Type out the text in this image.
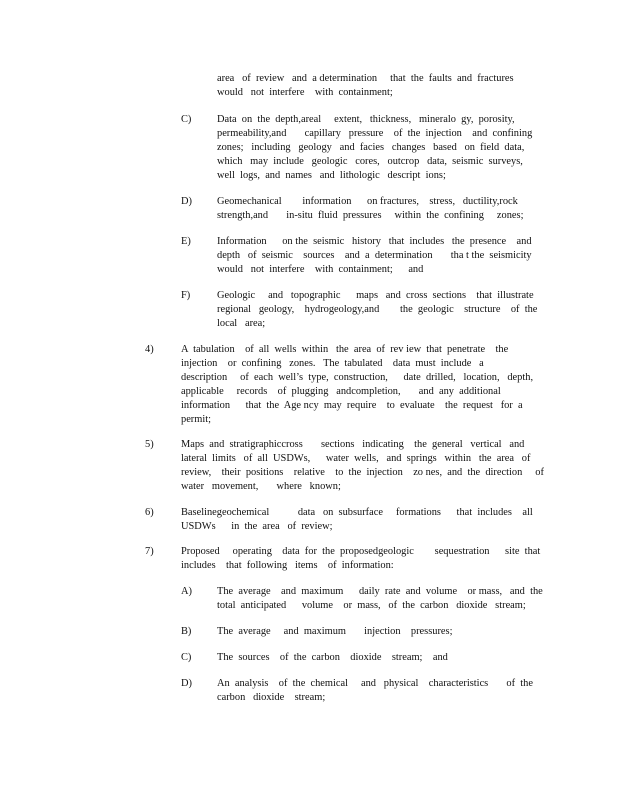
area   of  review   and  a determination     that  the  faults  and  fractures
would   not  interfere    with  containment;
C) Data  on  the  depth,areal     extent,   thickness,   mineralo  gy,  porosity,
permeability,and       capillary   pressure    of  the  injection    and  confining
zones;   including   geology   and  facies   changes   based   on  field  data,
which   may  include   geologic   cores,   outcrop   data,  seismic  surveys,
well  logs,  and  names   and  lithologic   descript  ions;
D) Geomechanical        information      on fractures,    stress,   ductility,rock
strength,and       in-situ  fluid  pressures     within  the  confining     zones;
E)	Information      on the  seismic   history   that  includes   the  presence    and
depth   of  seismic    sources    and  a  determination       tha t the  seismicity
would   not  interfere    with  containment;      and
F)	Geologic     and   topographic      maps   and  cross  sections    that  illustrate
regional   geology,    hydrogeology,and        the  geologic    structure    of  the
local   area;
4)	A  tabulation    of  all  wells  within   the  area  of  rev iew  that  penetrate    the
injection    or  confining   zones.   The  tabulated    data  must  include   a
description     of  each  well’s  type,  construction,      date  drilled,   location,   depth,
applicable     records    of  plugging   andcompletion,       and  any  additional
information      that  the  Age ncy  may  require    to  evaluate    the  request   for  a
permit;
5)	Maps  and  stratigraphiccross       sections   indicating    the  general   vertical   and
lateral  limits   of  all  USDWs,      water  wells,   and  springs   within   the  area   of
review,    their  positions    relative    to  the  injection    zo nes,  and  the  direction     of
water   movement,       where   known;
6)	Baselinegeochemical           data   on  subsurface     formations      that  includes    all
USDWs      in  the  area   of  review;
7)	Proposed     operating    data  for  the  proposedgeologic        sequestration      site  that
includes    that  following   items    of  information:
A) The  average    and  maximum      daily  rate  and  volume    or mass,   and  the
total  anticipated      volume    or  mass,   of  the  carbon   dioxide   stream;
B) The  average     and  maximum       injection    pressures;
C) The  sources    of  the  carbon    dioxide    stream;    and
D) An  analysis    of  the  chemical     and   physical    characteristics       of  the
carbon   dioxide    stream;
